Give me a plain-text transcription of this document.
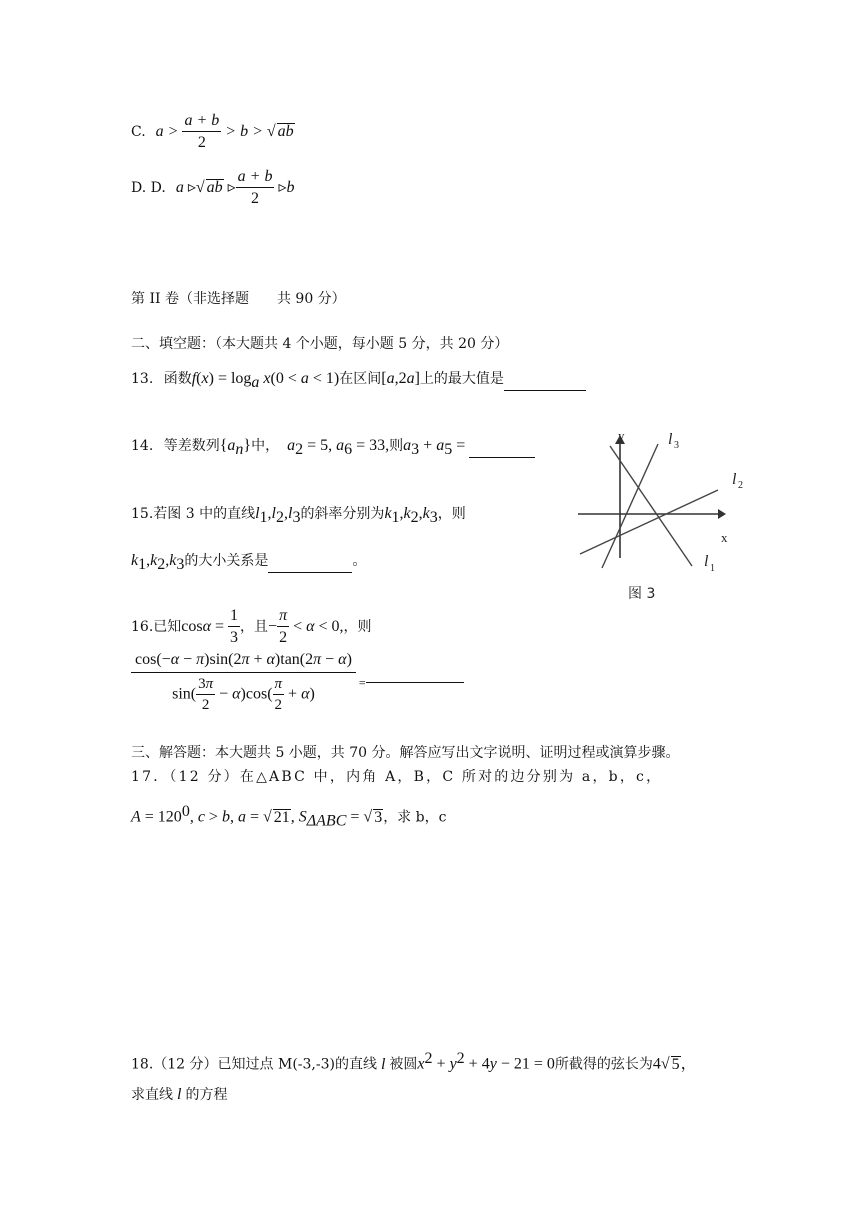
C. $a > \frac{a + b}{2} > b$ > √ ab
D. D. a ▹√ ab ▹ $\frac{a + b}{2}$ ▹b
第 II 卷（非选择题　　共 90 分）
二、填空题：（本大题共 4 个小题，每小题 5 分，共 20 分）
13. 函数$f(x) = \log_a x(0 < a < 1)$在区间[a,2a]上的最大值是
14. 等差数列$\{a_n\}$中， $a_2 = 5$, $a_6 = 33$,则$a_3 + a_5$ =
15.若图 3 中的直线$l_1,l_2,l_3$的斜率分别为$k_1,k_2,k_3$，则
$k_1,k_2,k_3$的大小关系是	。
y
x
l 3
l 2
l 1
图 3
16.已知$\cos\alpha = \frac{1}{3}$ ，且− $\frac{\pi}{2} < \alpha < 0$,，则
$\frac{\cos(-\alpha - \pi)\sin(2\pi + \alpha)\tan(2\pi - \alpha)}{\sin( \frac{3\pi}{2} - \alpha)\cos( \frac{\pi}{2} + \alpha)}$ =
三、解答题：本大题共 5 小题，共 70 分。解答应写出文字说明、证明过程或演算步骤。
17．（12 分）在△ABC 中，内角 A，B，C 所对的边分别为 a，b，c，
$A = 120^0$, c > b, a = √ 21, $S_{\Delta ABC}$ = √ 3，求 b，c
18.（12 分）已知过点 M(-3,-3)的直线 l 被圆$x^2 + y^2 + 4y - 21 = 0$所截得的弦长为4√ 5，
求直线 l 的方程
